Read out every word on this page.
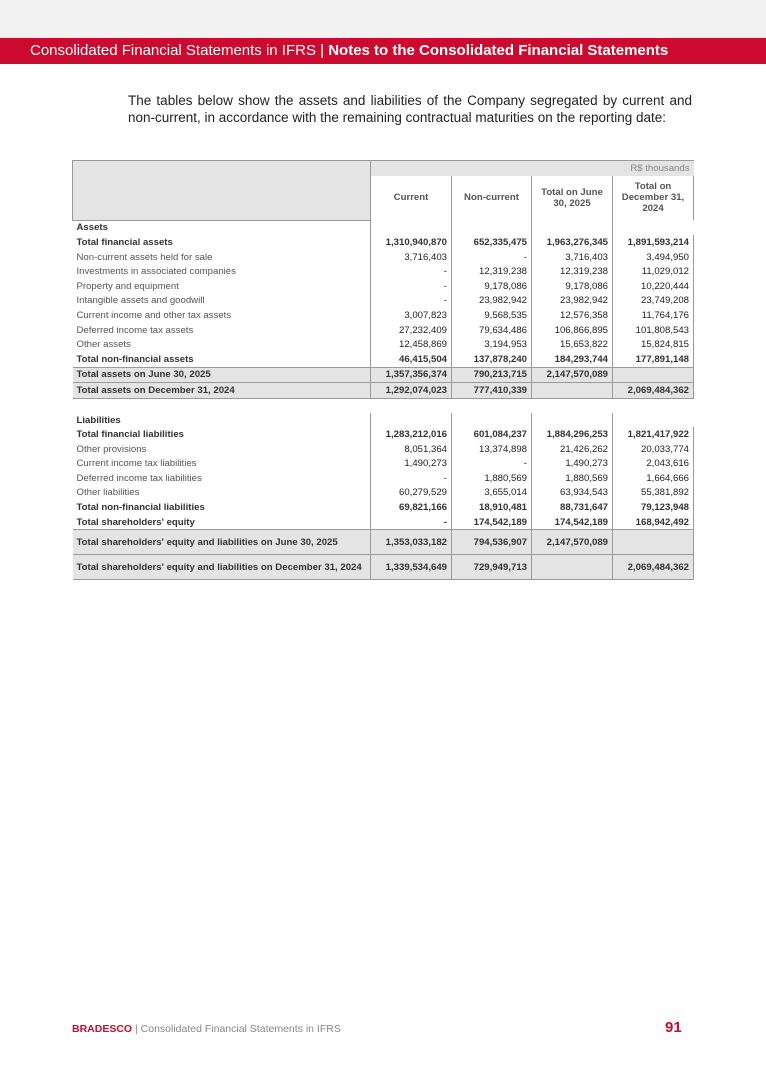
Consolidated Financial Statements in IFRS | Notes to the Consolidated Financial Statements

The tables below show the assets and liabilities of the Company segregated by current and non-current, in accordance with the remaining contractual maturities on the reporting date:

	R$ thousands			
	Current	Non-current	Total on June 30, 2025	Total on December 31, 2024
Assets				
Total financial assets	1,310,940,870	652,335,475	1,963,276,345	1,891,593,214
Non-current assets held for sale	3,716,403	-	3,716,403	3,494,950
Investments in associated companies	-	12,319,238	12,319,238	11,029,012
Property and equipment	-	9,178,086	9,178,086	10,220,444
Intangible assets and goodwill	-	23,982,942	23,982,942	23,749,208
Current income and other tax assets	3,007,823	9,568,535	12,576,358	11,764,176
Deferred income tax assets	27,232,409	79,634,486	106,866,895	101,808,543
Other assets	12,458,869	3,194,953	15,653,822	15,824,815
Total non-financial assets	46,415,504	137,878,240	184,293,744	177,891,148
Total assets on June 30, 2025	1,357,356,374	790,213,715	2,147,570,089	
Total assets on December 31, 2024	1,292,074,023	777,410,339		2,069,484,362

Liabilities				
Total financial liabilities	1,283,212,016	601,084,237	1,884,296,253	1,821,417,922
Other provisions	8,051,364	13,374,898	21,426,262	20,033,774
Current income tax liabilities	1,490,273	-	1,490,273	2,043,616
Deferred income tax liabilities	-	1,880,569	1,880,569	1,664,666
Other liabilities	60,279,529	3,655,014	63,934,543	55,381,892
Total non-financial liabilities	69,821,166	18,910,481	88,731,647	79,123,948
Total shareholders' equity	-	174,542,189	174,542,189	168,942,492
Total shareholders' equity and liabilities on June 30, 2025	1,353,033,182	794,536,907	2,147,570,089	
Total shareholders' equity and liabilities on December 31, 2024	1,339,534,649	729,949,713		2,069,484,362
BRADESCO | Consolidated Financial Statements in IFRS	91
